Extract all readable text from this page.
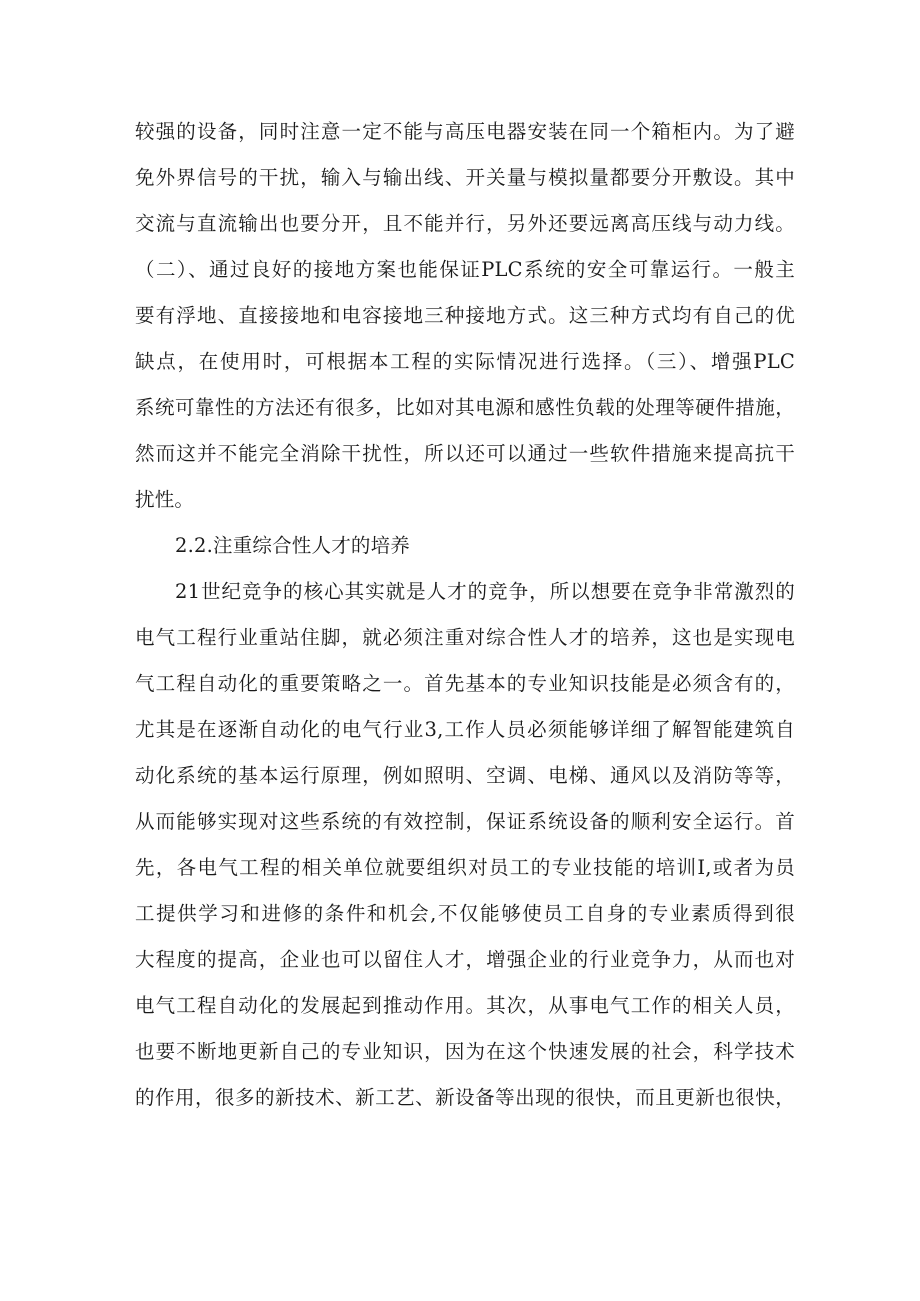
较强的设备，同时注意一定不能与高压电器安装在同一个箱柜内。为了避
免外界信号的干扰，输入与输出线、开关量与模拟量都要分开敷设。其中
交流与直流输出也要分开，且不能并行，另外还要远离高压线与动力线。
（二）、通过良好的接地方案也能保证PLC系统的安全可靠运行。一般主
要有浮地、直接接地和电容接地三种接地方式。这三种方式均有自己的优
缺点，在使用时，可根据本工程的实际情况进行选择。（三）、增强PLC
系统可靠性的方法还有很多，比如对其电源和感性负载的处理等硬件措施，
然而这并不能完全消除干扰性，所以还可以通过一些软件措施来提高抗干
扰性。
2.2.注重综合性人才的培养
21世纪竞争的核心其实就是人才的竞争，所以想要在竞争非常激烈的
电气工程行业重站住脚，就必须注重对综合性人才的培养，这也是实现电
气工程自动化的重要策略之一。首先基本的专业知识技能是必须含有的，
尤其是在逐渐自动化的电气行业3,工作人员必须能够详细了解智能建筑自
动化系统的基本运行原理，例如照明、空调、电梯、通风以及消防等等，
从而能够实现对这些系统的有效控制，保证系统设备的顺利安全运行。首
先，各电气工程的相关单位就要组织对员工的专业技能的培训I,或者为员
工提供学习和进修的条件和机会,不仅能够使员工自身的专业素质得到很
大程度的提高，企业也可以留住人才，增强企业的行业竞争力，从而也对
电气工程自动化的发展起到推动作用。其次，从事电气工作的相关人员，
也要不断地更新自己的专业知识，因为在这个快速发展的社会，科学技术
的作用，很多的新技术、新工艺、新设备等出现的很快，而且更新也很快，
